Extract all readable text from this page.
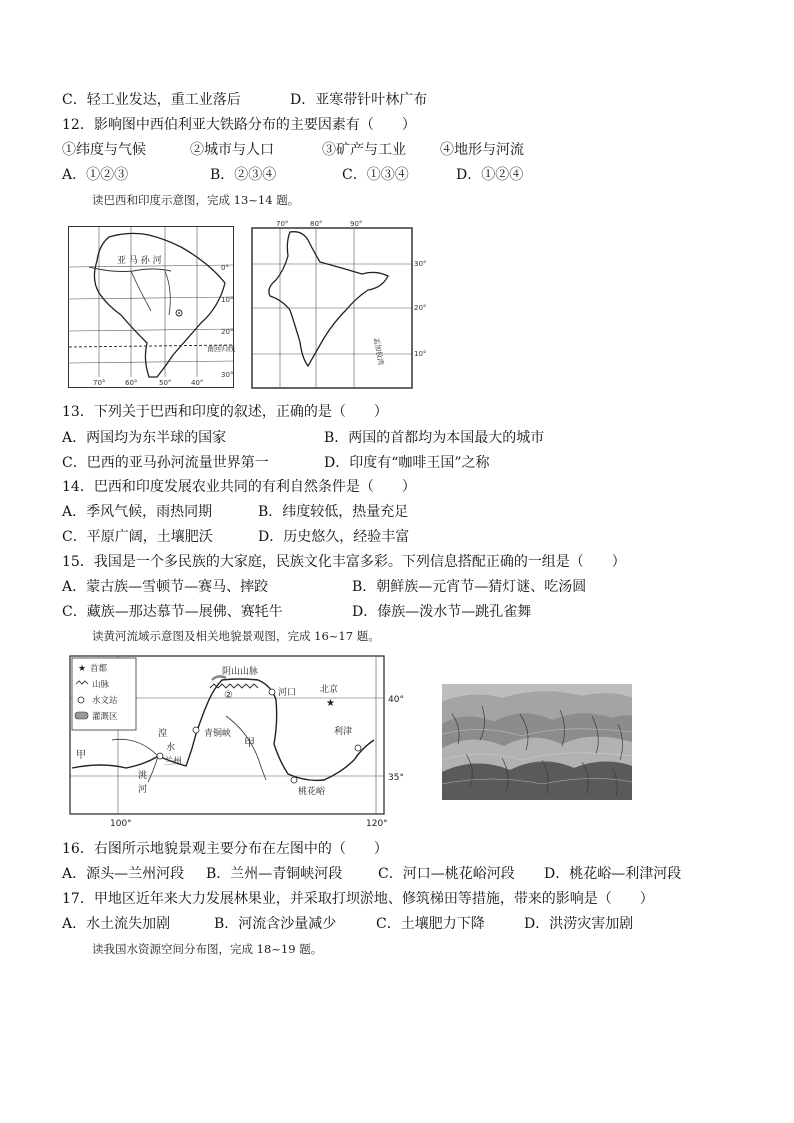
C．轻工业发达，重工业落后	D．亚寒带针叶林广布
12．影响图中西伯利亚大铁路分布的主要因素有（　　）
①纬度与气候	②城市与人口	③矿产与工业 ④地形与河流
A．①②③	B．②③④	C．①③④	D．①②④
读巴西和印度示意图，完成 13~14 题。
亚 马 孙 河
南回归线
0°
10°
20°
30°
70°	60°	50°	40°
70°	80°	90°
30°
20°
10°
孟加拉湾
13．下列关于巴西和印度的叙述，正确的是（　　）
A．两国均为东半球的国家	B．两国的首都均为本国最大的城市
C．巴西的亚马孙河流量世界第一	D．印度有“咖啡王国”之称
14．巴西和印度发展农业共同的有利自然条件是（　　）
A．季风气候，雨热同期	B．纬度较低，热量充足
C．平原广阔，土壤肥沃	D．历史悠久，经验丰富
15．我国是一个多民族的大家庭，民族文化丰富多彩。下列信息搭配正确的一组是（　　）
A．蒙古族—雪顿节—赛马、摔跤	B．朝鲜族—元宵节—猜灯谜、吃汤圆
C．藏族—那达慕节—展佛、赛牦牛	D．傣族—泼水节—跳孔雀舞
读黄河流域示意图及相关地貌景观图，完成 16~17 题。
★ 首都
山脉
水文站
灌溉区
阴山山脉
②	河口
★
北京
利津
青铜峡
兰州
桃花峪
甲
甲
湟
水
洮
河
40°
35°
100°	120°
16．右图所示地貌景观主要分布在左图中的（　　）
A．源头—兰州河段 B．兰州—青铜峡河段	C．河口—桃花峪河段 D．桃花峪—利津河段
17．甲地区近年来大力发展林果业，并采取打坝淤地、修筑梯田等措施，带来的影响是（　　）
A．水土流失加剧	B．河流含沙量减少	C．土壤肥力下降	D．洪涝灾害加剧
读我国水资源空间分布图，完成 18~19 题。
